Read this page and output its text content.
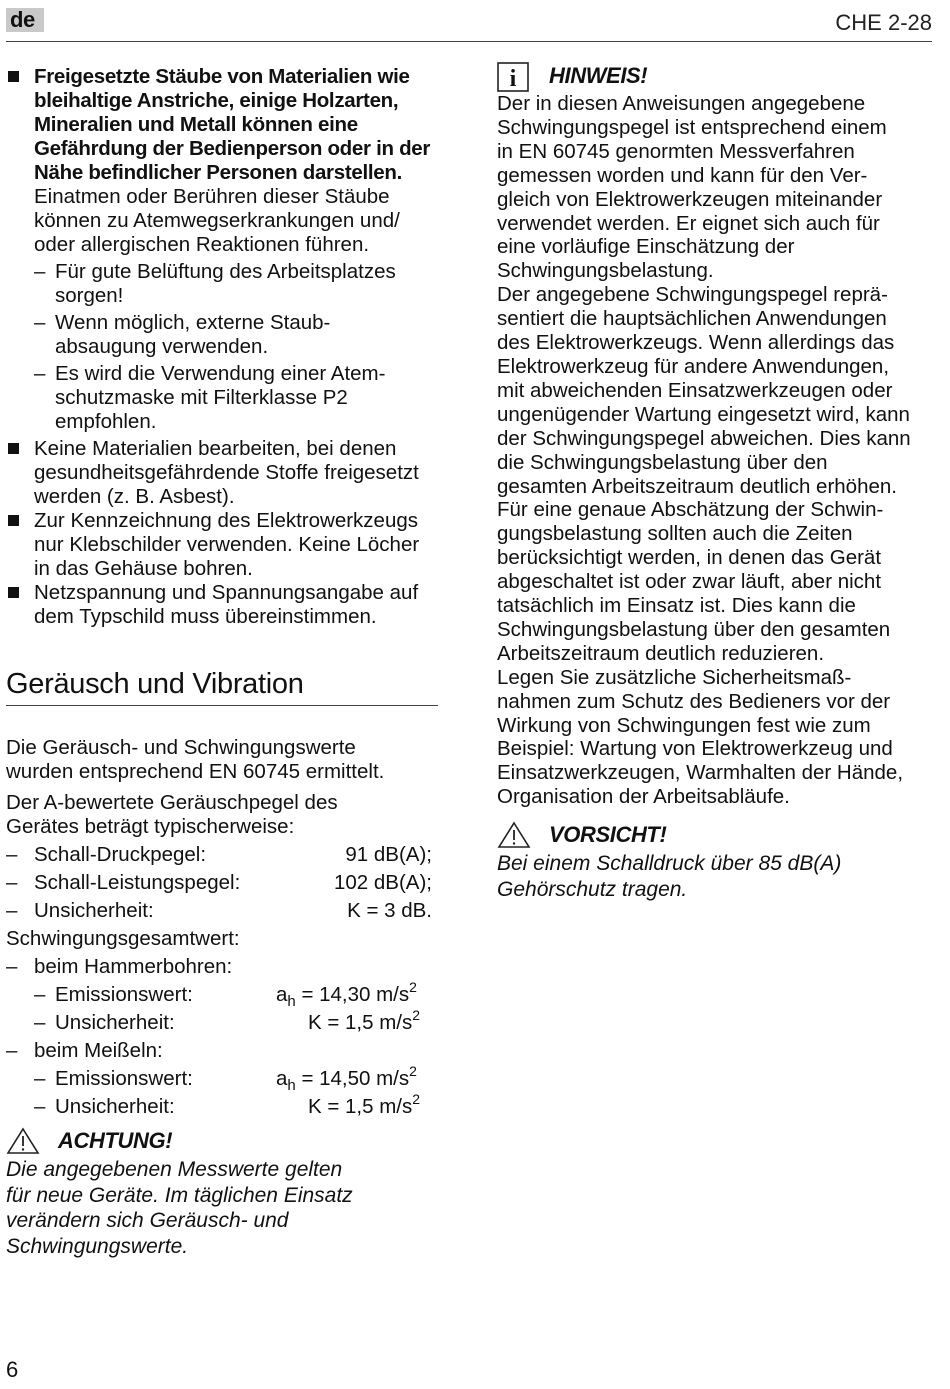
de	CHE 2-28
Freigesetzte Stäube von Materialien wie
bleihaltige Anstriche, einige Holzarten,
Mineralien und Metall können eine
Gefährdung der Bedienperson oder in der
Nähe befindlicher Personen darstellen.
Einatmen oder Berühren dieser Stäube
können zu Atemwegserkrankungen und/
oder allergischen Reaktionen führen.
– Für gute Belüftung des Arbeitsplatzes
sorgen!
– Wenn möglich, externe Staub-
absaugung verwenden.
– Es wird die Verwendung einer Atem-
schutzmaske mit Filterklasse P2
empfohlen.
Keine Materialien bearbeiten, bei denen
gesundheitsgefährdende Stoffe freigesetzt
werden (z. B. Asbest).
Zur Kennzeichnung des Elektrowerkzeugs
nur Klebschilder verwenden. Keine Löcher
in das Gehäuse bohren.
Netzspannung und Spannungsangabe auf
dem Typschild muss übereinstimmen.
Geräusch und Vibration
Die Geräusch- und Schwingungswerte
wurden entsprechend EN 60745 ermittelt.
Der A-bewertete Geräuschpegel des
Gerätes beträgt typischerweise:
– Schall-Druckpegel:	91 dB(A);
– Schall-Leistungspegel:	102 dB(A);
– Unsicherheit:	K = 3 dB.
Schwingungsgesamtwert:
– beim Hammerbohren:
– Emissionswert:	$a_h = 14,30$ $m/s^2$
– Unsicherheit:	K = 1,5 $m/s^2$
– beim Meißeln:
– Emissionswert:	$a_h = 14,50$ $m/s^2$
– Unsicherheit:	K = 1,5 $m/s^2$
ACHTUNG!
Die angegebenen Messwerte gelten
für neue Geräte. Im täglichen Einsatz
verändern sich Geräusch- und
Schwingungswerte.
i HINWEIS!
Der in diesen Anweisungen angegebene
Schwingungspegel ist entsprechend einem
in EN 60745 genormten Messverfahren
gemessen worden und kann für den Ver-
gleich von Elektrowerkzeugen miteinander
verwendet werden. Er eignet sich auch für
eine vorläufige Einschätzung der
Schwingungsbelastung.
Der angegebene Schwingungspegel reprä-
sentiert die hauptsächlichen Anwendungen
des Elektrowerkzeugs. Wenn allerdings das
Elektrowerkzeug für andere Anwendungen,
mit abweichenden Einsatzwerkzeugen oder
ungenügender Wartung eingesetzt wird, kann
der Schwingungspegel abweichen. Dies kann
die Schwingungsbelastung über den
gesamten Arbeitszeitraum deutlich erhöhen.
Für eine genaue Abschätzung der Schwin-
gungsbelastung sollten auch die Zeiten
berücksichtigt werden, in denen das Gerät
abgeschaltet ist oder zwar läuft, aber nicht
tatsächlich im Einsatz ist. Dies kann die
Schwingungsbelastung über den gesamten
Arbeitszeitraum deutlich reduzieren.
Legen Sie zusätzliche Sicherheitsmaß-
nahmen zum Schutz des Bedieners vor der
Wirkung von Schwingungen fest wie zum
Beispiel: Wartung von Elektrowerkzeug und
Einsatzwerkzeugen, Warmhalten der Hände,
Organisation der Arbeitsabläufe.
VORSICHT!
Bei einem Schalldruck über 85 dB(A)
Gehörschutz tragen.
6
